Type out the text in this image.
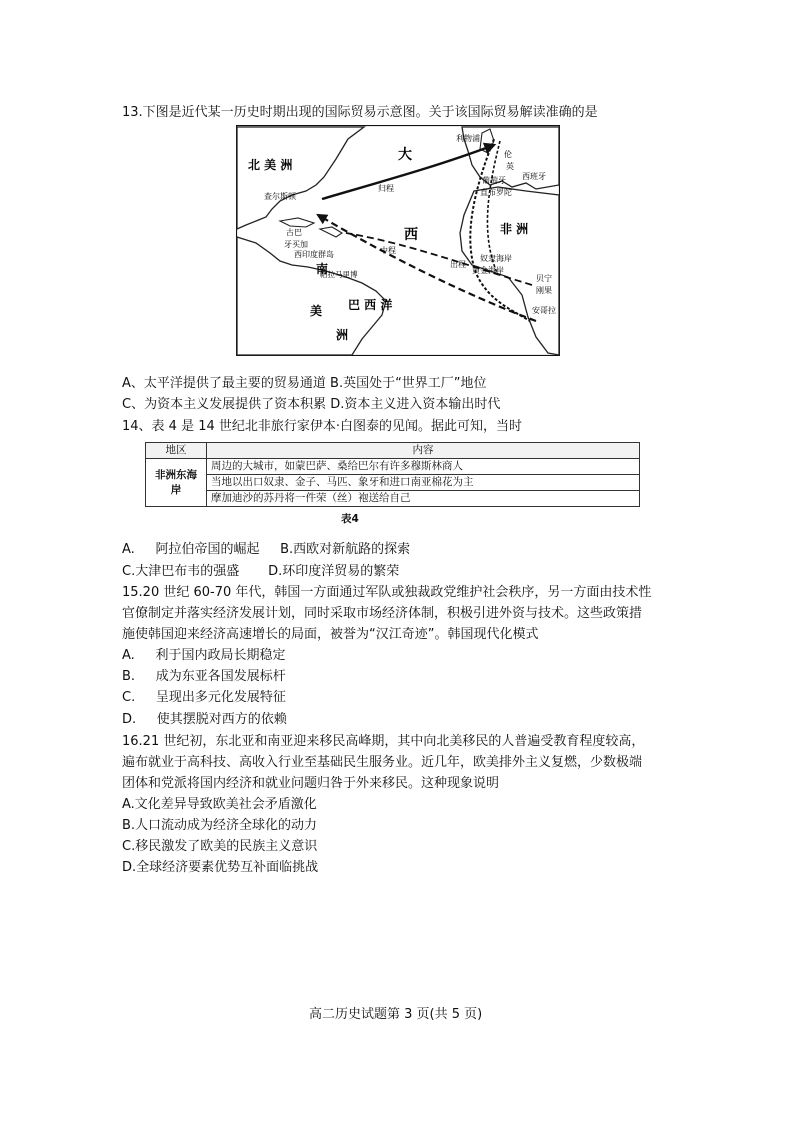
13.下图是近代某一历史时期出现的国际贸易示意图。关于该国际贸易解读准确的是
北 美 洲
大
西
南
美
洲
巴 西 洋
非 洲
查尔斯顿
古巴
牙买加
西印度群岛
利物浦
伦
英
葡萄牙 西班牙
直布罗陀
归程
出程
中程
奴隶海岸
黄金海岸
贝宁
刚果
安哥拉
帕拉马里博
A、太平洋提供了最主要的贸易通道 B.英国处于“世界工厂”地位
C、为资本主义发展提供了资本积累 D.资本主义进入资本输出时代
14、表 4 是 14 世纪北非旅行家伊本·白图泰的见闻。据此可知，当时
地区	内容
非洲东海岸	周边的大城市，如蒙巴萨、桑给巴尔有许多穆斯林商人
	当地以出口奴隶、金子、马匹、象牙和进口南亚棉花为主
	摩加迪沙的苏丹将一件荣（丝）袍送给自己
表4
A.     阿拉伯帝国的崛起     B.西欧对新航路的探索
C.大津巴布韦的强盛       D.环印度洋贸易的繁荣
15.20 世纪 60-70 年代，韩国一方面通过军队或独裁政党维护社会秩序，另一方面由技术性
官僚制定并落实经济发展计划，同时采取市场经济体制，积极引进外资与技术。这些政策措
施使韩国迎来经济高速增长的局面，被誉为“汉江奇迹”。韩国现代化模式
A.     利于国内政局长期稳定
B.     成为东亚各国发展标杆
C.     呈现出多元化发展特征
D.     使其摆脱对西方的依赖
16.21 世纪初，东北亚和南亚迎来移民高峰期，其中向北美移民的人普遍受教育程度较高，
遍布就业于高科技、高收入行业至基础民生服务业。近几年，欧美排外主义复燃，少数极端
团体和党派将国内经济和就业问题归咎于外来移民。这种现象说明
A.文化差异导致欧美社会矛盾激化
B.人口流动成为经济全球化的动力
C.移民激发了欧美的民族主义意识
D.全球经济要素优势互补面临挑战
高二历史试题第 3 页(共 5 页)
